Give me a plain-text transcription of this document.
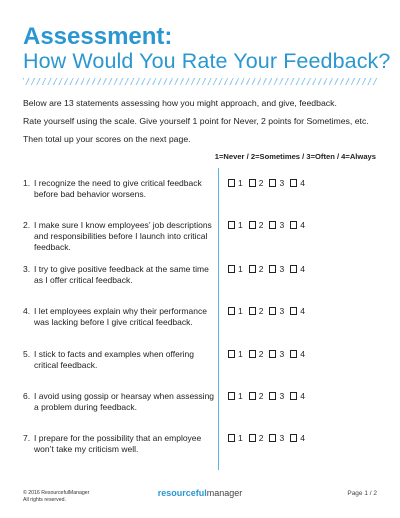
Assessment:
How Would You Rate Your Feedback?
Below are 13 statements assessing how you might approach, and give, feedback.
Rate yourself using the scale. Give yourself 1 point for Never, 2 points for Sometimes, etc.
Then total up your scores on the next page.
1=Never / 2=Sometimes / 3=Often / 4=Always
1. I recognize the need to give critical feedback before bad behavior worsens.
1 2 3 4
2. I make sure I know employees’ job descriptions and responsibilities before I launch into critical feedback.
1 2 3 4
3. I try to give positive feedback at the same time as I offer critical feedback.
1 2 3 4
4. I let employees explain why their performance was lacking before I give critical feedback.
1 2 3 4
5. I stick to facts and examples when offering critical feedback.
1 2 3 4
6. I avoid using gossip or hearsay when assessing a problem during feedback.
1 2 3 4
7. I prepare for the possibility that an employee won’t take my criticism well.
1 2 3 4
© 2016 ResourcefulManager
All rights reserved.
resourcefulmanager	Page 1 / 2
